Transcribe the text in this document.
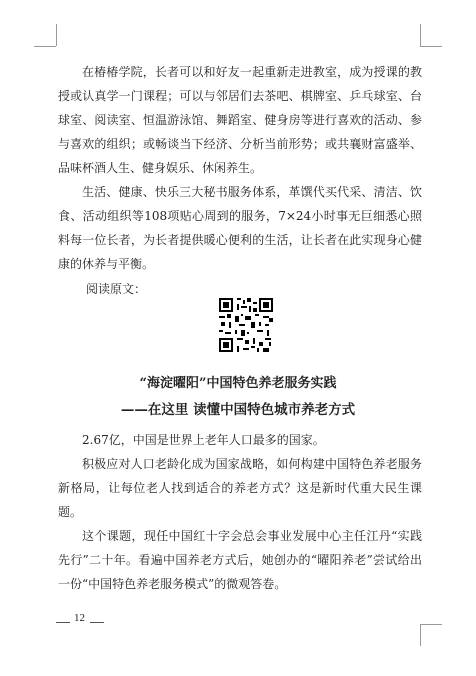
在椿椿学院，长者可以和好友一起重新走进教室，成为授课的教授或认真学一门课程；可以与邻居们去茶吧、棋牌室、乒乓球室、台球室、阅读室、恒温游泳馆、舞蹈室、健身房等进行喜欢的活动、参与喜欢的组织；或畅谈当下经济、分析当前形势；或共襄财富盛举、品味杯酒人生、健身娱乐、休闲养生。

生活、健康、快乐三大秘书服务体系，革馔代买代采、清洁、饮食、活动组织等108项贴心周到的服务，7×24小时事无巨细悉心照料每一位长者，为长者提供暖心便利的生活，让长者在此实现身心健康的休养与平衡。

阅读原文：
“海淀曜阳”中国特色养老服务实践
——在这里 读懂中国特色城市养老方式

2.67亿，中国是世界上老年人口最多的国家。

积极应对人口老龄化成为国家战略，如何构建中国特色养老服务新格局，让每位老人找到适合的养老方式？这是新时代重大民生课题。

这个课题，现任中国红十字会总会事业发展中心主任江丹“实践先行”二十年。看遍中国养老方式后，她创办的“曜阳养老”尝试给出一份“中国特色养老服务模式”的微观答卷。

12
